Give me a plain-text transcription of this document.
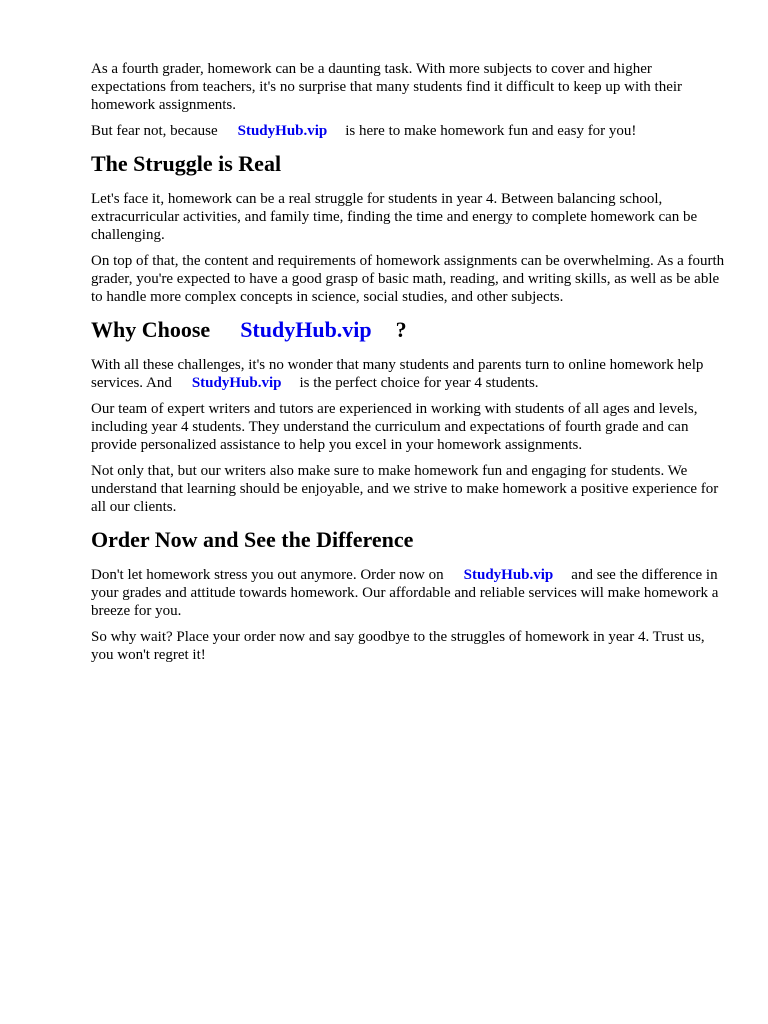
As a fourth grader, homework can be a daunting task. With more subjects to cover and higher expectations from teachers, it's no surprise that many students find it difficult to keep up with their homework assignments.

But fear not, because StudyHub.vip is here to make homework fun and easy for you!

The Struggle is Real

Let's face it, homework can be a real struggle for students in year 4. Between balancing school, extracurricular activities, and family time, finding the time and energy to complete homework can be challenging.

On top of that, the content and requirements of homework assignments can be overwhelming. As a fourth grader, you're expected to have a good grasp of basic math, reading, and writing skills, as well as be able to handle more complex concepts in science, social studies, and other subjects.

Why Choose StudyHub.vip ?

With all these challenges, it's no wonder that many students and parents turn to online homework help services. And StudyHub.vip is the perfect choice for year 4 students.

Our team of expert writers and tutors are experienced in working with students of all ages and levels, including year 4 students. They understand the curriculum and expectations of fourth grade and can provide personalized assistance to help you excel in your homework assignments.

Not only that, but our writers also make sure to make homework fun and engaging for students. We understand that learning should be enjoyable, and we strive to make homework a positive experience for all our clients.

Order Now and See the Difference

Don't let homework stress you out anymore. Order now on StudyHub.vip and see the difference in your grades and attitude towards homework. Our affordable and reliable services will make homework a breeze for you.

So why wait? Place your order now and say goodbye to the struggles of homework in year 4. Trust us, you won't regret it!
